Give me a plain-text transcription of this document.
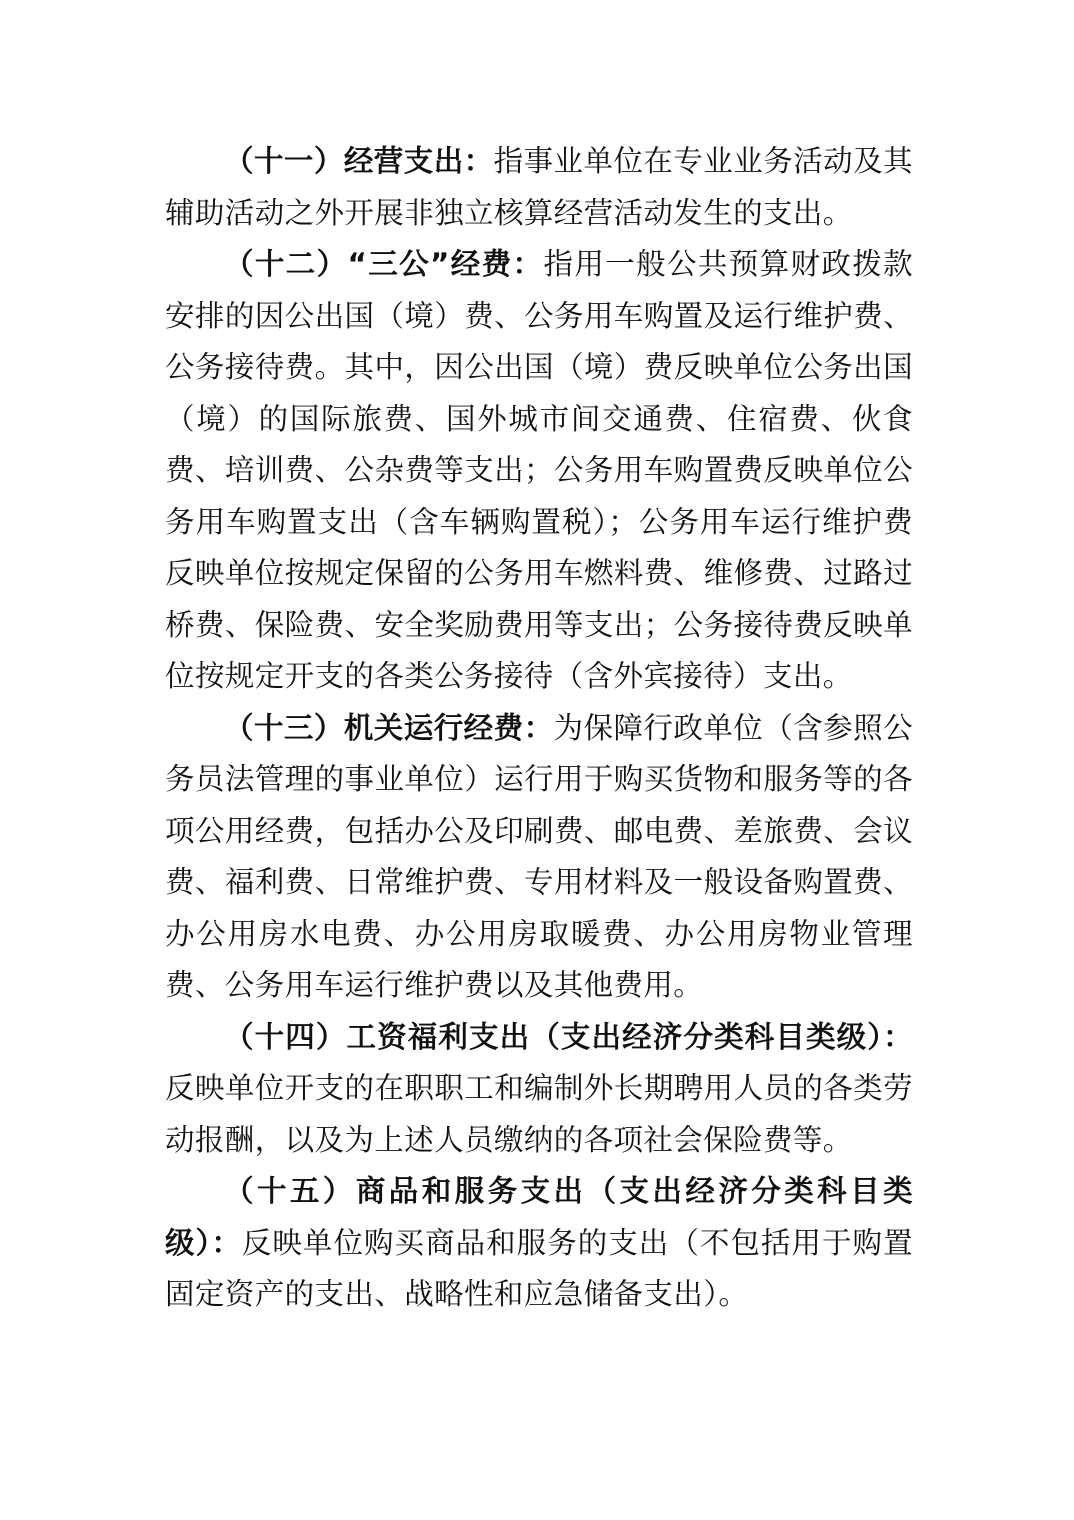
（十一）经营支出：指事业单位在专业业务活动及其辅助活动之外开展非独立核算经营活动发生的支出。

（十二）“三公”经费：指用一般公共预算财政拨款安排的因公出国（境）费、公务用车购置及运行维护费、公务接待费。其中，因公出国（境）费反映单位公务出国（境）的国际旅费、国外城市间交通费、住宿费、伙食费、培训费、公杂费等支出；公务用车购置费反映单位公务用车购置支出（含车辆购置税）；公务用车运行维护费反映单位按规定保留的公务用车燃料费、维修费、过路过桥费、保险费、安全奖励费用等支出；公务接待费反映单位按规定开支的各类公务接待（含外宾接待）支出。

（十三）机关运行经费：为保障行政单位（含参照公务员法管理的事业单位）运行用于购买货物和服务等的各项公用经费，包括办公及印刷费、邮电费、差旅费、会议费、福利费、日常维护费、专用材料及一般设备购置费、办公用房水电费、办公用房取暖费、办公用房物业管理费、公务用车运行维护费以及其他费用。

（十四）工资福利支出（支出经济分类科目类级）：反映单位开支的在职职工和编制外长期聘用人员的各类劳动报酬，以及为上述人员缴纳的各项社会保险费等。

（十五）商品和服务支出（支出经济分类科目类级）：反映单位购买商品和服务的支出（不包括用于购置固定资产的支出、战略性和应急储备支出）。
